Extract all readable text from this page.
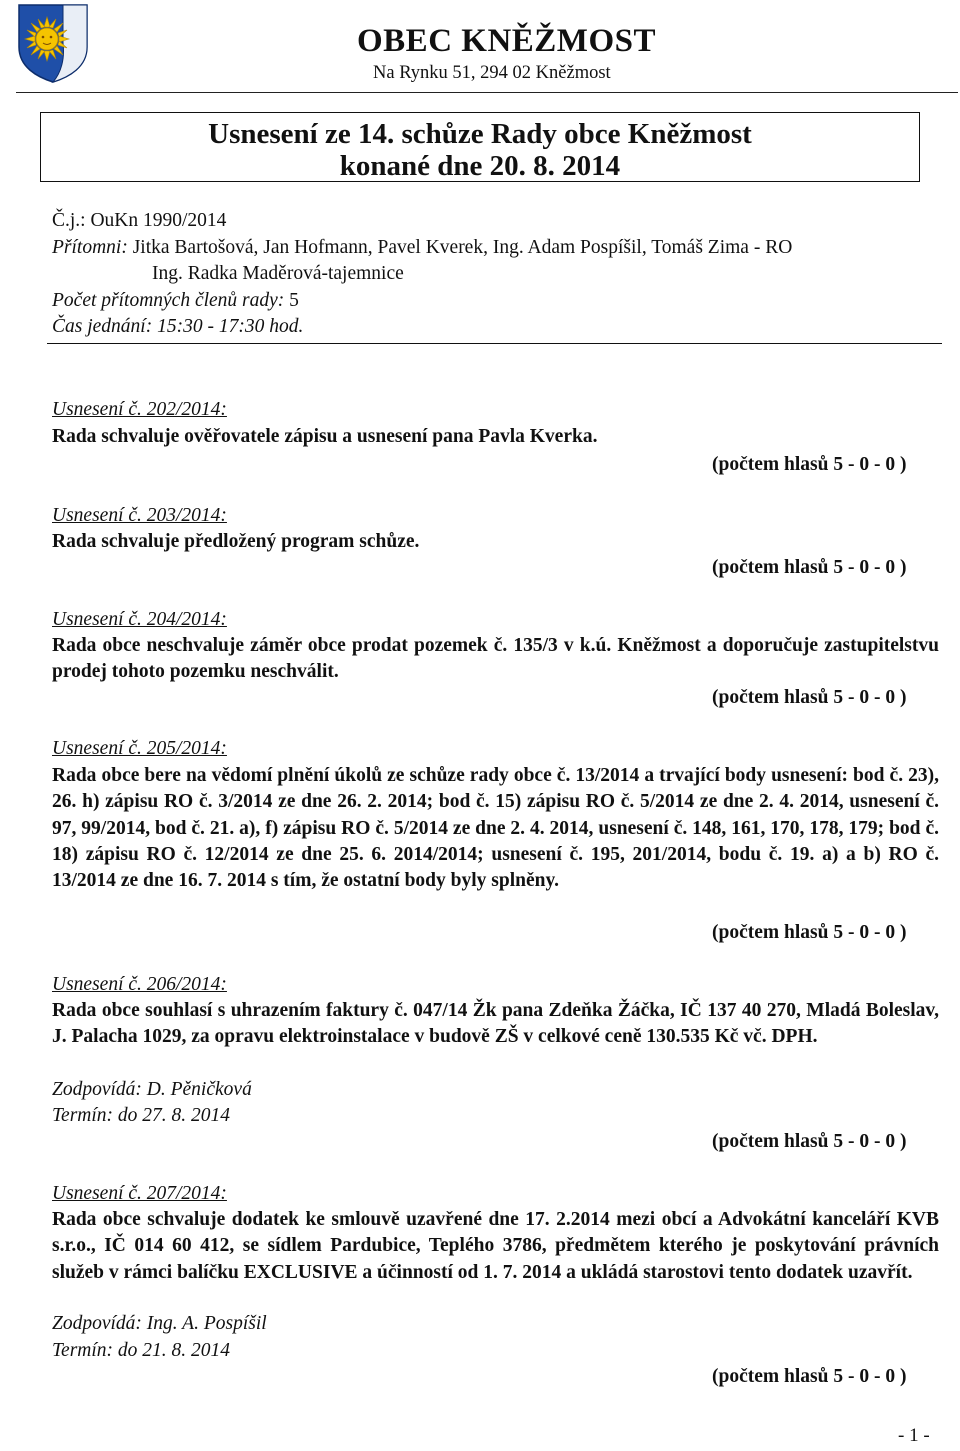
OBEC KNĚŽMOST
Na Rynku 51, 294 02 Kněžmost
Usnesení ze 14. schůze Rady obce Kněžmost
konané dne 20. 8. 2014
Č.j.: OuKn 1990/2014
Přítomni: Jitka Bartošová, Jan Hofmann, Pavel Kverek, Ing. Adam Pospíšil, Tomáš Zima - RO
Ing. Radka Maděrová-tajemnice
Počet přítomných členů rady: 5
Čas jednání: 15:30 - 17:30 hod.
Usnesení č. 202/2014:
Rada schvaluje ověřovatele zápisu a usnesení pana Pavla Kverka.
(počtem hlasů 5 - 0 - 0 )
Usnesení č. 203/2014:
Rada schvaluje předložený program schůze.
(počtem hlasů 5 - 0 - 0 )
Usnesení č. 204/2014:
Rada obce neschvaluje záměr obce prodat pozemek č. 135/3 v k.ú. Kněžmost a doporučuje zastupitelstvu prodej tohoto pozemku neschválit.
(počtem hlasů 5 - 0 - 0 )
Usnesení č. 205/2014:
Rada obce bere na vědomí plnění úkolů ze schůze rady obce č. 13/2014 a trvající body usnesení: bod č. 23), 26. h) zápisu RO č. 3/2014 ze dne 26. 2. 2014; bod č. 15) zápisu RO č. 5/2014 ze dne 2. 4. 2014, usnesení č. 97, 99/2014, bod č. 21. a), f) zápisu RO č. 5/2014 ze dne 2. 4. 2014, usnesení č. 148, 161, 170, 178, 179; bod č. 18) zápisu RO č. 12/2014 ze dne 25. 6. 2014/2014; usnesení č. 195, 201/2014, bodu č. 19. a) a b) RO č. 13/2014 ze dne 16. 7. 2014 s tím, že ostatní body byly splněny.
(počtem hlasů 5 - 0 - 0 )
Usnesení č. 206/2014:
Rada obce souhlasí s uhrazením faktury č. 047/14 Žk pana Zdeňka Žáčka, IČ 137 40 270, Mladá Boleslav, J. Palacha 1029, za opravu elektroinstalace v budově ZŠ v celkové ceně 130.535 Kč vč. DPH.
Zodpovídá: D. Pěničková
Termín: do 27. 8. 2014
(počtem hlasů 5 - 0 - 0 )
Usnesení č. 207/2014:
Rada obce schvaluje dodatek ke smlouvě uzavřené dne 17. 2.2014 mezi obcí a Advokátní kanceláří KVB s.r.o., IČ 014 60 412, se sídlem Pardubice, Teplého 3786, předmětem kterého je poskytování právních služeb v rámci balíčku EXCLUSIVE a účinností od 1. 7. 2014 a ukládá starostovi tento dodatek uzavřít.
Zodpovídá: Ing. A. Pospíšil
Termín: do 21. 8. 2014
(počtem hlasů 5 - 0 - 0 )
- 1 -
